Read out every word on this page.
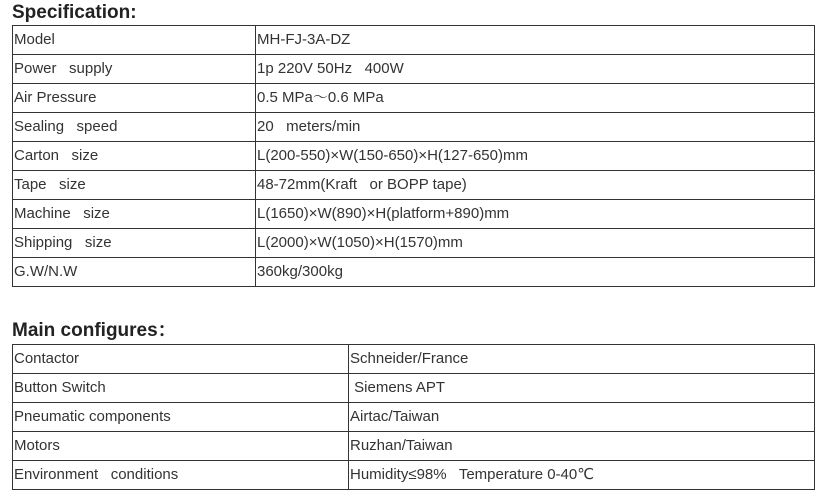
Specification:
Model	MH-FJ-3A-DZ
Power   supply	1p 220V 50Hz   400W
Air Pressure	0.5 MPa～0.6 MPa
Sealing   speed	20   meters/min
Carton   size	L(200-550)×W(150-650)×H(127-650)mm
Tape   size	48-72mm(Kraft   or BOPP tape)
Machine   size	L(1650)×W(890)×H(platform+890)mm
Shipping   size	L(2000)×W(1050)×H(1570)mm
G.W/N.W	360kg/300kg
Main configures：
Contactor	Schneider/France
Button Switch	Siemens APT
Pneumatic components	Airtac/Taiwan
Motors	Ruzhan/Taiwan
Environment   conditions	Humidity≤98%   Temperature 0-40℃
